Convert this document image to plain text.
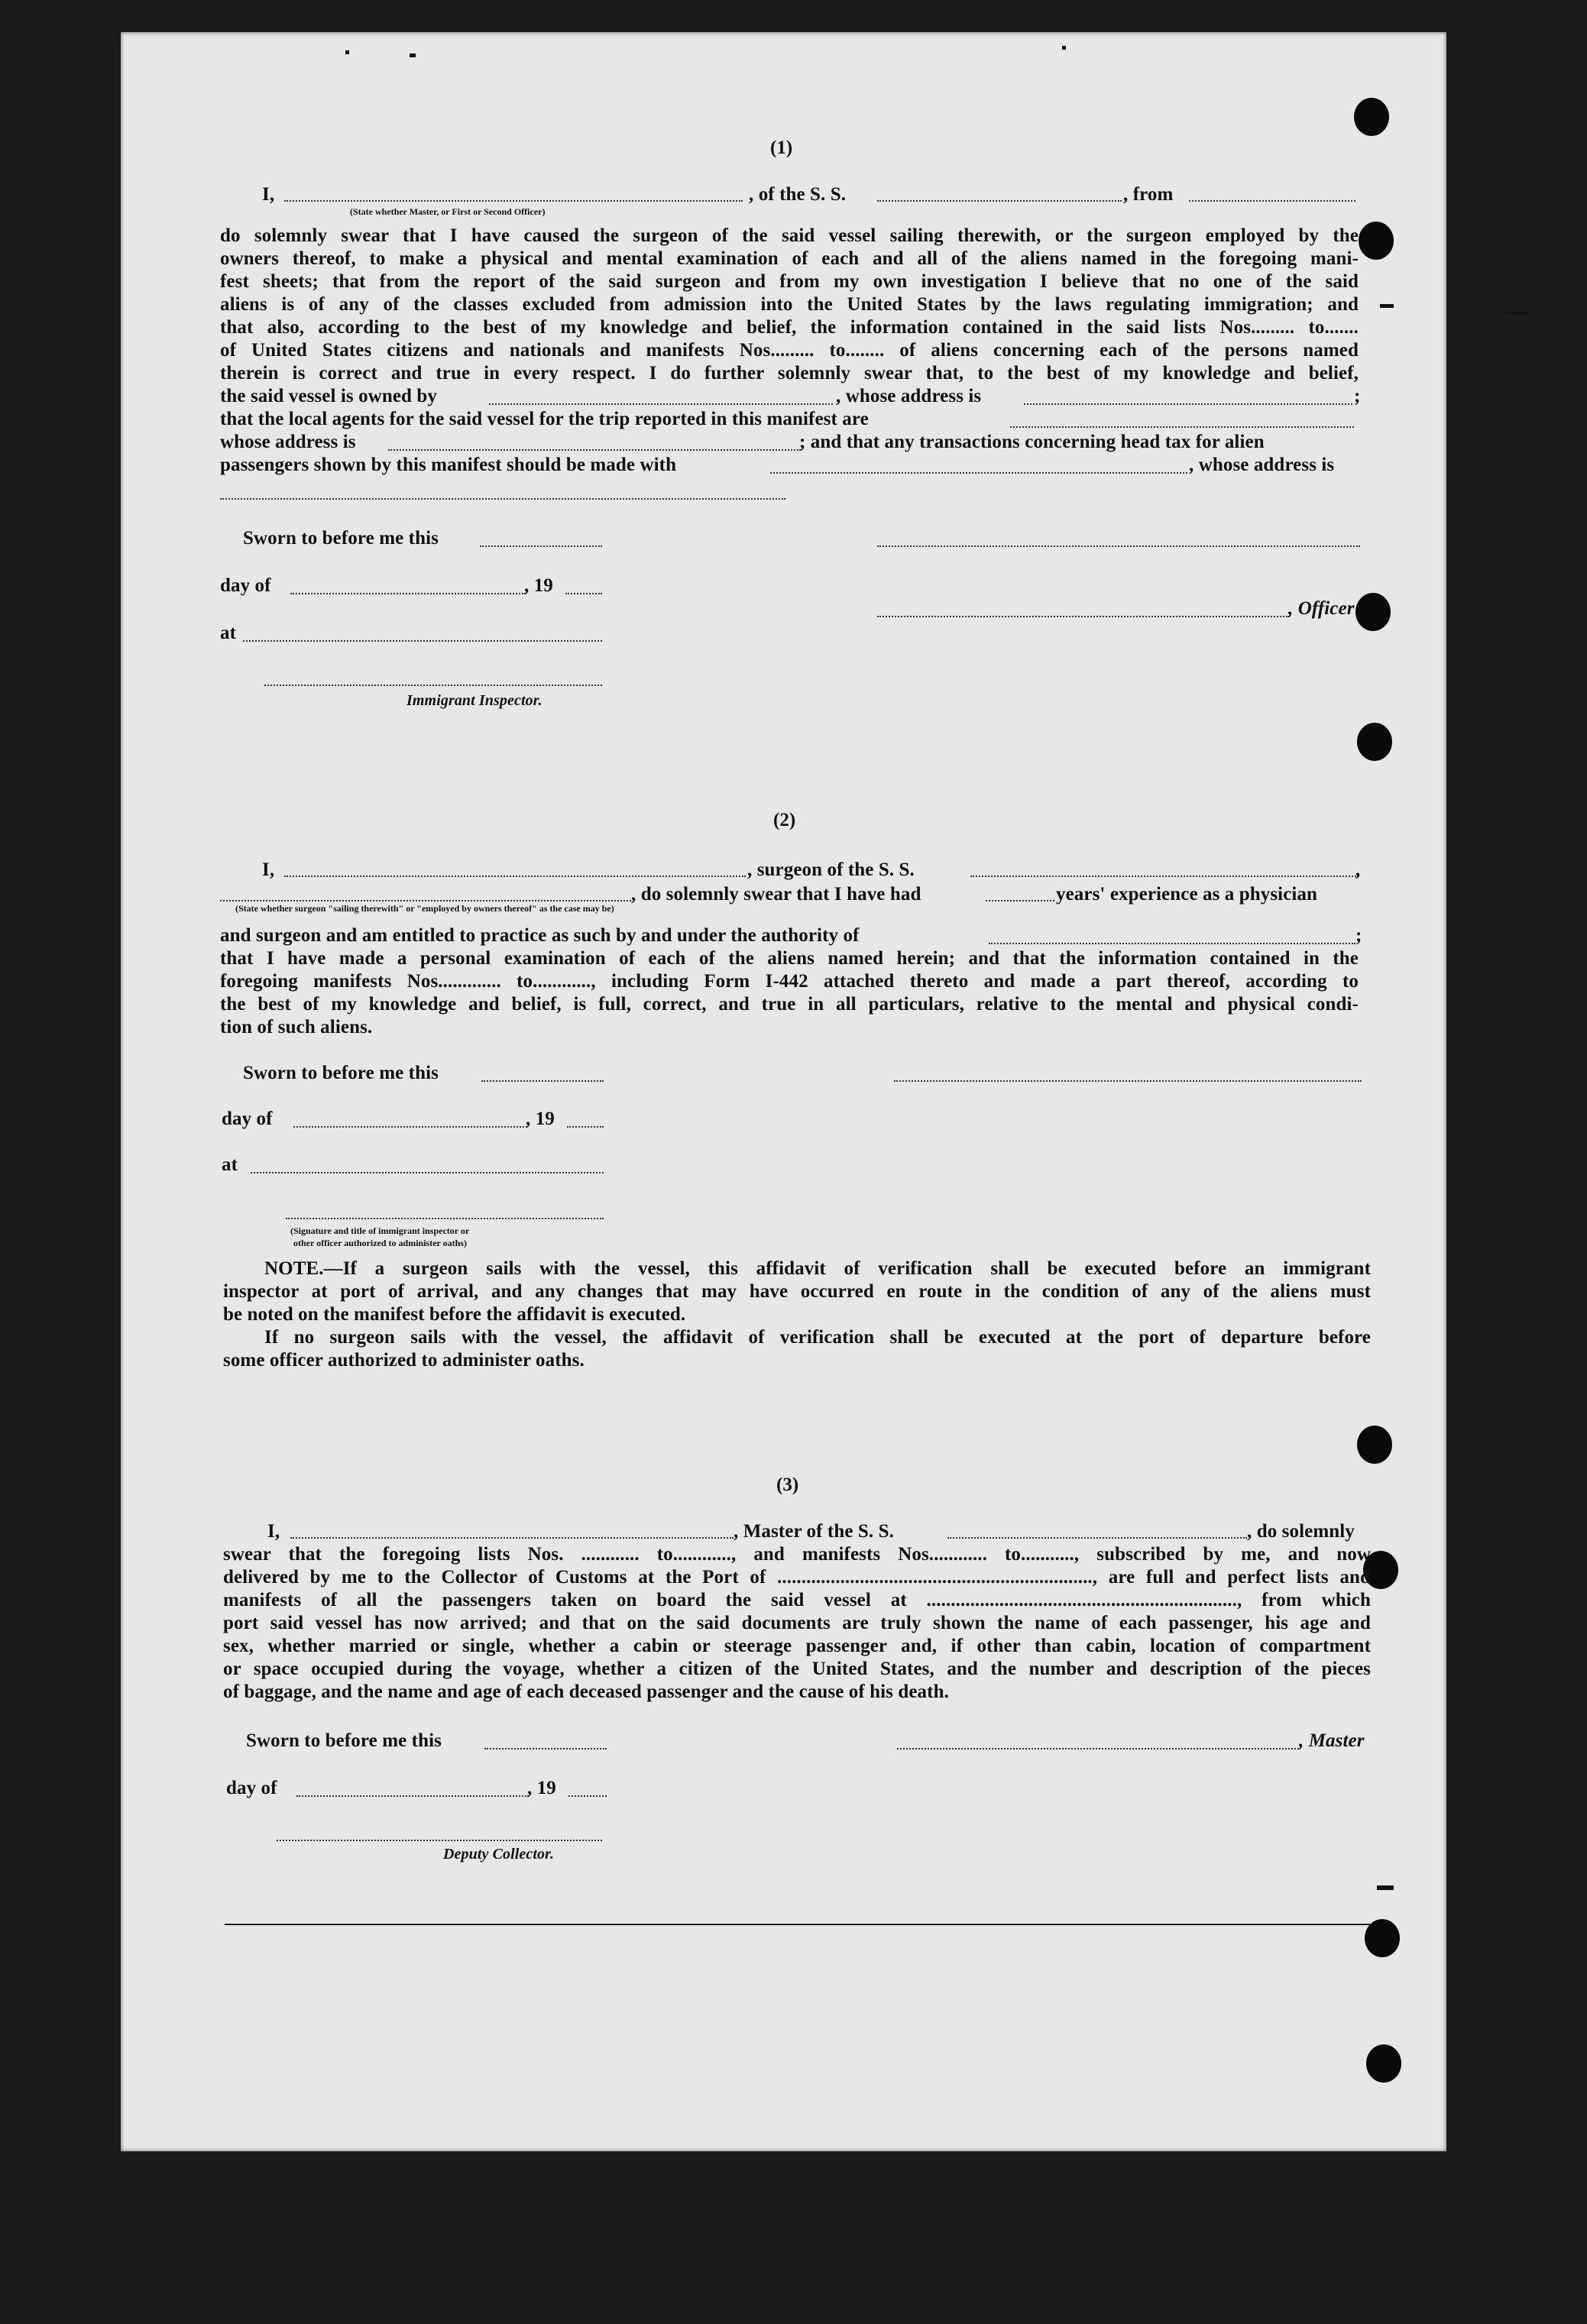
(1)
I,	, of the S. S.	, from
(State whether Master, or First or Second Officer)
do solemnly swear that I have caused the surgeon of the said vessel sailing therewith, or the surgeon employed by the
owners thereof, to make a physical and mental examination of each and all of the aliens named in the foregoing mani-
fest sheets; that from the report of the said surgeon and from my own investigation I believe that no one of the said
aliens is of any of the classes excluded from admission into the United States by the laws regulating immigration; and
that also, according to the best of my knowledge and belief, the information contained in the said lists Nos......... to.......
of United States citizens and nationals and manifests Nos......... to........ of aliens concerning each of the persons named
therein is correct and true in every respect. I do further solemnly swear that, to the best of my knowledge and belief,
the said vessel is owned by	, whose address is	;
that the local agents for the said vessel for the trip reported in this manifest are
whose address is	; and that any transactions concerning head tax for alien
passengers shown by this manifest should be made with	, whose address is
Sworn to before me this
day of	, 19
, Officer
at
Immigrant Inspector.
(2)
I,	, surgeon of the S. S.	,
, do solemnly swear that I have had	years' experience as a physician
(State whether surgeon "sailing therewith" or "employed by owners thereof" as the case may be)
and surgeon and am entitled to practice as such by and under the authority of	;
that I have made a personal examination of each of the aliens named herein; and that the information contained in the
foregoing manifests Nos............. to............, including Form I-442 attached thereto and made a part thereof, according to
the best of my knowledge and belief, is full, correct, and true in all particulars, relative to the mental and physical condi-
tion of such aliens.
Sworn to before me this
day of	, 19
at
(Signature and title of immigrant inspector or
other officer authorized to administer oaths)
NOTE.—If a surgeon sails with the vessel, this affidavit of verification shall be executed before an immigrant
inspector at port of arrival, and any changes that may have occurred en route in the condition of any of the aliens must
be noted on the manifest before the affidavit is executed.
If no surgeon sails with the vessel, the affidavit of verification shall be executed at the port of departure before
some officer authorized to administer oaths.
(3)
I,	, Master of the S. S.	, do solemnly
swear that the foregoing lists Nos. ............ to............, and manifests Nos............ to..........., subscribed by me, and now
delivered by me to the Collector of Customs at the Port of ................................................................., are full and perfect lists and
manifests of all the passengers taken on board the said vessel at ................................................................, from which
port said vessel has now arrived; and that on the said documents are truly shown the name of each passenger, his age and
sex, whether married or single, whether a cabin or steerage passenger and, if other than cabin, location of compartment
or space occupied during the voyage, whether a citizen of the United States, and the number and description of the pieces
of baggage, and the name and age of each deceased passenger and the cause of his death.
Sworn to before me this	, Master
day of	, 19
Deputy Collector.
